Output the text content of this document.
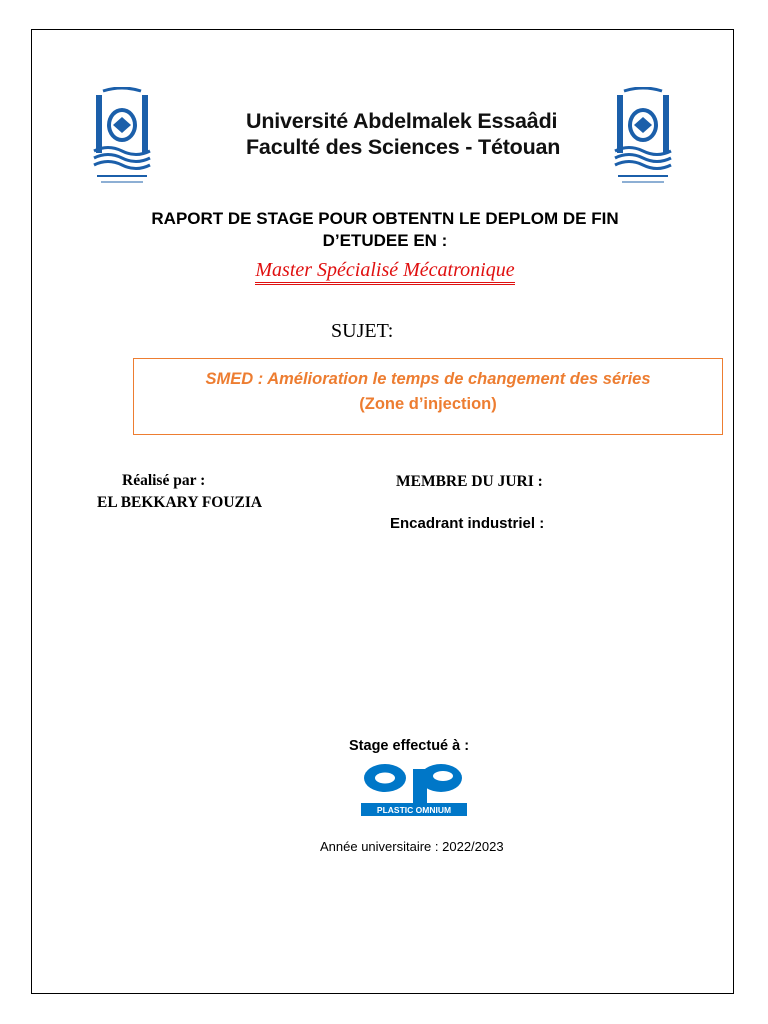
Université Abdelmalek Essaâdi
Faculté des Sciences - Tétouan
RAPORT DE STAGE POUR OBTENTN LE DEPLOM DE FIN
D’ETUDEE EN :
Master Spécialisé Mécatronique
SUJET:
SMED : Amélioration le temps de changement des séries
(Zone d’injection)
Réalisé par :
EL BEKKARY FOUZIA
MEMBRE DU JURI :
Encadrant industriel :
Stage effectué à :
PLASTIC OMNIUM
Année universitaire : 2022/2023
